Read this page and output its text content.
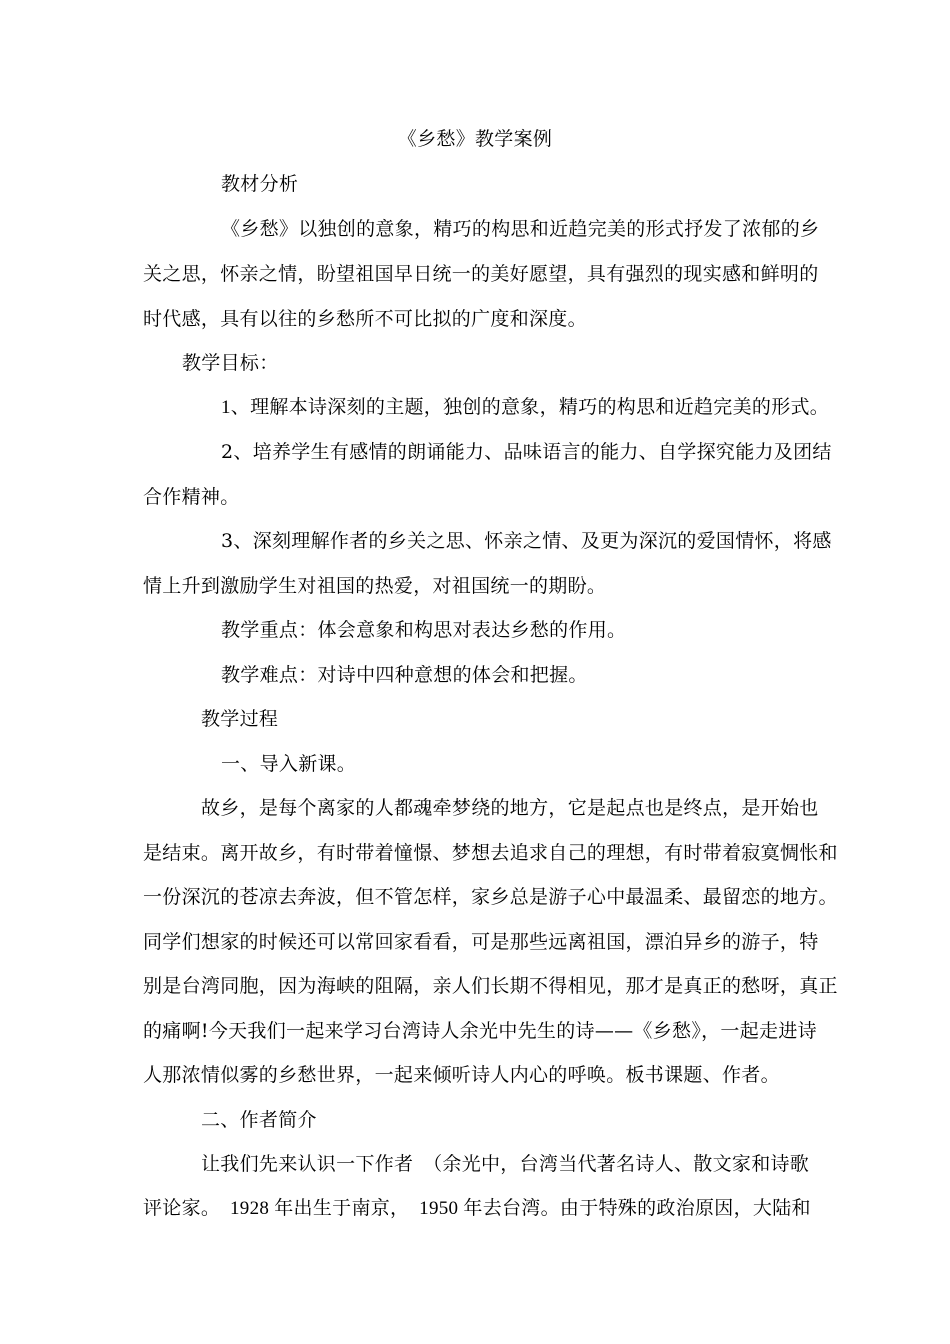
《乡愁》教学案例
教材分析
《乡愁》以独创的意象，精巧的构思和近趋完美的形式抒发了浓郁的乡
关之思，怀亲之情，盼望祖国早日统一的美好愿望，具有强烈的现实感和鲜明的
时代感，具有以往的乡愁所不可比拟的广度和深度。
教学目标：
1、理解本诗深刻的主题，独创的意象，精巧的构思和近趋完美的形式。
2、培养学生有感情的朗诵能力、品味语言的能力、自学探究能力及团结
合作精神。
3、深刻理解作者的乡关之思、怀亲之情、及更为深沉的爱国情怀，将感
情上升到激励学生对祖国的热爱，对祖国统一的期盼。
教学重点：体会意象和构思对表达乡愁的作用。
教学难点：对诗中四种意想的体会和把握。
教学过程
一、导入新课。
故乡，是每个离家的人都魂牵梦绕的地方，它是起点也是终点，是开始也
是结束。离开故乡，有时带着憧憬、梦想去追求自己的理想，有时带着寂寞惆怅和
一份深沉的苍凉去奔波，但不管怎样，家乡总是游子心中最温柔、最留恋的地方。
同学们想家的时候还可以常回家看看，可是那些远离祖国，漂泊异乡的游子，特
别是台湾同胞，因为海峡的阻隔，亲人们长期不得相见，那才是真正的愁呀，真正
的痛啊!今天我们一起来学习台湾诗人余光中先生的诗——《乡愁》，一起走进诗
人那浓情似雾的乡愁世界，一起来倾听诗人内心的呼唤。板书课题、作者。
二、作者简介
让我们先来认识一下作者　（余光中，台湾当代著名诗人、散文家和诗歌
评论家。　1928 年出生于南京，　1950 年去台湾。由于特殊的政治原因，大陆和
